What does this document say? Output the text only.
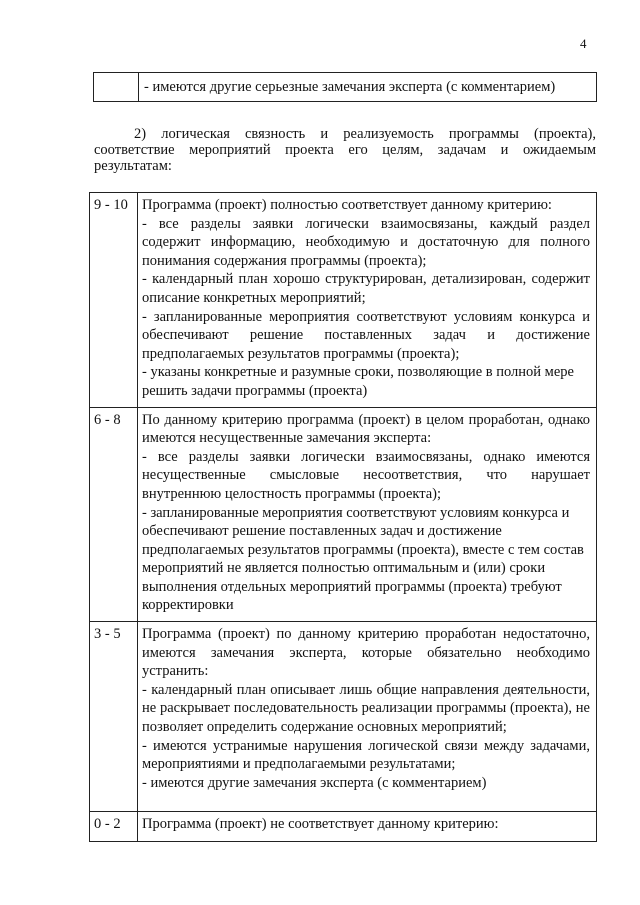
4
	- имеются другие серьезные замечания эксперта (с комментарием)
2) логическая связность и реализуемость программы (проекта), соответствие мероприятий проекта его целям, задачам и ожидаемым результатам:
9 - 10	Программа (проект) полностью соответствует данному критерию:
- все разделы заявки логически взаимосвязаны, каждый раздел содержит информацию, необходимую и достаточную для полного понимания содержания программы (проекта);
- календарный план хорошо структурирован, детализирован, содержит описание конкретных мероприятий;
- запланированные мероприятия соответствуют условиям конкурса и обеспечивают решение поставленных задач и достижение предполагаемых результатов программы (проекта);
- указаны конкретные и разумные сроки, позволяющие в полной мере решить задачи программы (проекта)

6 - 8	По данному критерию программа (проект) в целом проработан, однако имеются несущественные замечания эксперта:
- все разделы заявки логически взаимосвязаны, однако имеются несущественные смысловые несоответствия, что нарушает внутреннюю целостность программы (проекта);
- запланированные мероприятия соответствуют условиям конкурса и обеспечивают решение поставленных задач и достижение предполагаемых результатов программы (проекта), вместе с тем состав мероприятий не является полностью оптимальным и (или) сроки выполнения отдельных мероприятий программы (проекта) требуют корректировки

3 - 5	Программа (проект) по данному критерию проработан недостаточно, имеются замечания эксперта, которые обязательно необходимо устранить:
- календарный план описывает лишь общие направления деятельности, не раскрывает последовательность реализации программы (проекта), не позволяет определить содержание основных мероприятий;
- имеются устранимые нарушения логической связи между задачами, мероприятиями и предполагаемыми результатами;
- имеются другие замечания эксперта (с комментарием)

0 - 2	Программа (проект) не соответствует данному критерию:
